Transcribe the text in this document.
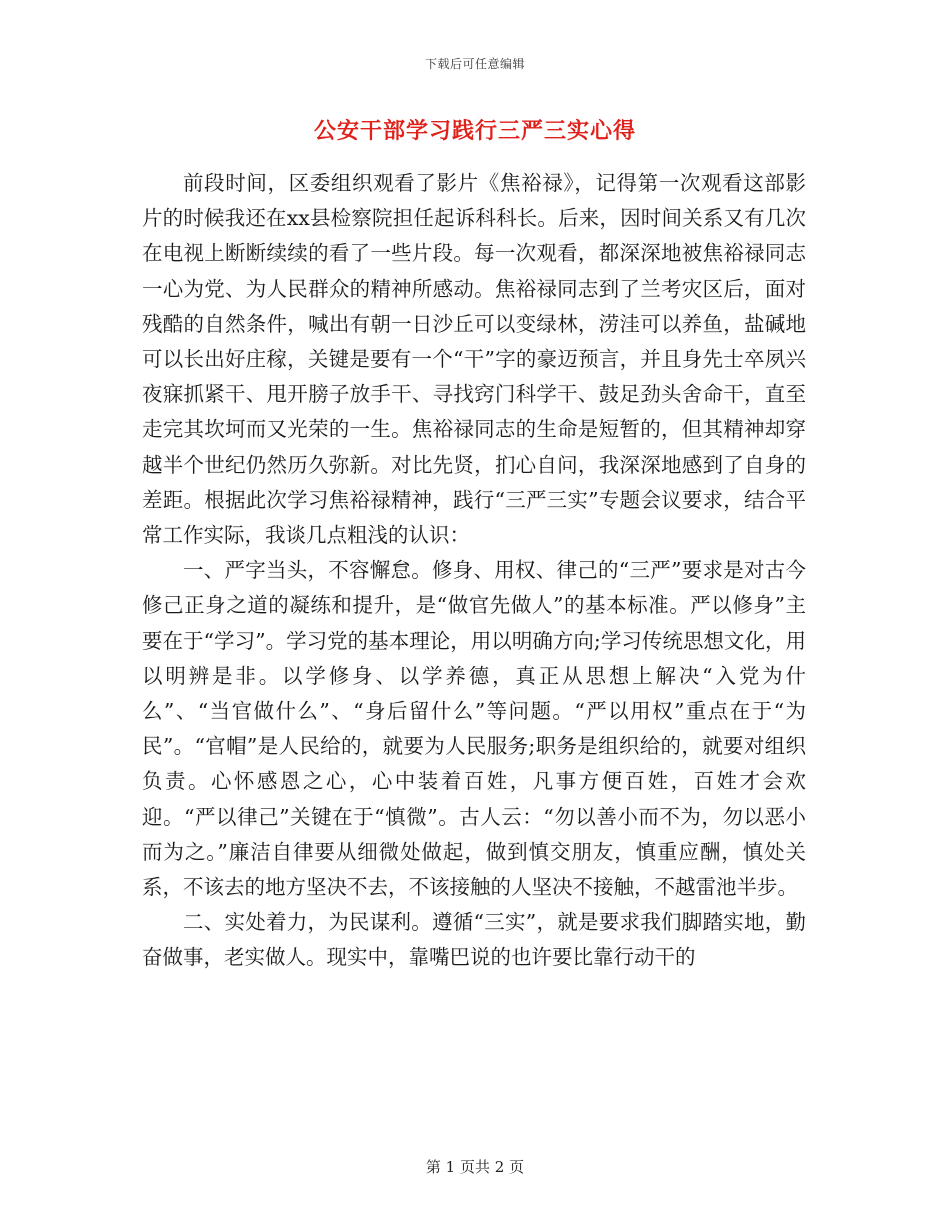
下载后可任意编辑
公安干部学习践行三严三实心得

前段时间，区委组织观看了影片《焦裕禄》，记得第一次观看这部影片的时候我还在xx县检察院担任起诉科科长。后来，因时间关系又有几次在电视上断断续续的看了一些片段。每一次观看，都深深地被焦裕禄同志一心为党、为人民群众的精神所感动。焦裕禄同志到了兰考灾区后，面对残酷的自然条件，喊出有朝一日沙丘可以变绿林，涝洼可以养鱼，盐碱地可以长出好庄稼，关键是要有一个“干”字的豪迈预言，并且身先士卒夙兴夜寐抓紧干、甩开膀子放手干、寻找窍门科学干、鼓足劲头舍命干，直至走完其坎坷而又光荣的一生。焦裕禄同志的生命是短暂的，但其精神却穿越半个世纪仍然历久弥新。对比先贤，扪心自问，我深深地感到了自身的差距。根据此次学习焦裕禄精神，践行“三严三实”专题会议要求，结合平常工作实际，我谈几点粗浅的认识：

一、严字当头，不容懈怠。修身、用权、律己的“三严”要求是对古今修己正身之道的凝练和提升，是“做官先做人”的基本标准。严以修身”主要在于“学习”。学习党的基本理论，用以明确方向;学习传统思想文化，用以明辨是非。以学修身、以学养德，真正从思想上解决“入党为什么”、“当官做什么”、“身后留什么”等问题。“严以用权”重点在于“为民”。“官帽”是人民给的，就要为人民服务;职务是组织给的，就要对组织负责。心怀感恩之心，心中装着百姓，凡事方便百姓，百姓才会欢迎。“严以律己”关键在于“慎微”。古人云：“勿以善小而不为，勿以恶小而为之。”廉洁自律要从细微处做起，做到慎交朋友，慎重应酬，慎处关系，不该去的地方坚决不去，不该接触的人坚决不接触，不越雷池半步。

二、实处着力，为民谋利。遵循“三实”，就是要求我们脚踏实地，勤奋做事，老实做人。现实中，靠嘴巴说的也许要比靠行动干的

第 1 页共 2 页
